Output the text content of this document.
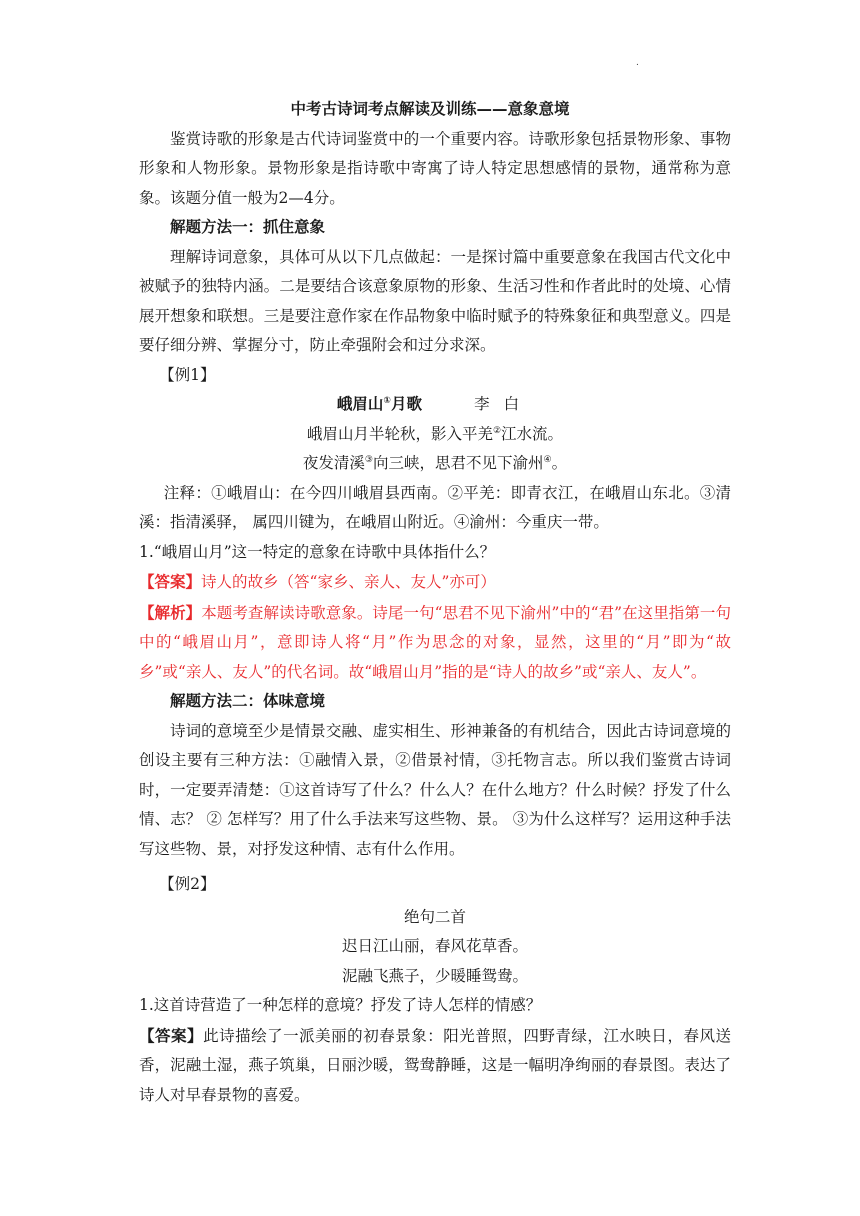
.

中考古诗词考点解读及训练——意象意境

鉴赏诗歌的形象是古代诗词鉴赏中的一个重要内容。诗歌形象包括景物形象、事物形象和人物形象。景物形象是指诗歌中寄寓了诗人特定思想感情的景物，通常称为意象。该题分值一般为2—4分。

解题方法一：抓住意象

理解诗词意象，具体可从以下几点做起：一是探讨篇中重要意象在我国古代文化中被赋予的独特内涵。二是要结合该意象原物的形象、生活习性和作者此时的处境、心情展开想象和联想。三是要注意作家在作品物象中临时赋予的特殊象征和典型意义。四是要仔细分辨、掌握分寸，防止牵强附会和过分求深。

【例1】

峨眉山①月歌	李白

峨眉山月半轮秋，影入平羌②江水流。

夜发清溪③向三峡，思君不见下渝州④。

注释：①峨眉山：在今四川峨眉县西南。②平羌：即青衣江，在峨眉山东北。③清溪：指清溪驿， 属四川键为，在峨眉山附近。④渝州：今重庆一带。

1.“峨眉山月”这一特定的意象在诗歌中具体指什么？

【答案】诗人的故乡（答“家乡、亲人、友人”亦可）

【解析】本题考查解读诗歌意象。诗尾一句“思君不见下渝州”中的“君”在这里指第一句中的“峨眉山月”，意即诗人将“月”作为思念的对象，显然，这里的“月”即为“故乡”或“亲人、友人”的代名词。故“峨眉山月”指的是“诗人的故乡”或“亲人、友人”。

解题方法二：体味意境

诗词的意境至少是情景交融、虚实相生、形神兼备的有机结合，因此古诗词意境的创设主要有三种方法：①融情入景，②借景衬情，③托物言志。所以我们鉴赏古诗词时，一定要弄清楚：①这首诗写了什么？什么人？在什么地方？什么时候？抒发了什么情、志？ ② 怎样写？用了什么手法来写这些物、景。 ③为什么这样写？运用这种手法写这些物、景，对抒发这种情、志有什么作用。

【例2】

绝句二首

迟日江山丽，春风花草香。

泥融飞燕子，少暖睡鸳鸯。

1.这首诗营造了一种怎样的意境？抒发了诗人怎样的情感？

【答案】此诗描绘了一派美丽的初春景象：阳光普照，四野青绿，江水映日，春风送香，泥融土湿，燕子筑巢，日丽沙暖，鸳鸯静睡，这是一幅明净绚丽的春景图。表达了诗人对早春景物的喜爱。
